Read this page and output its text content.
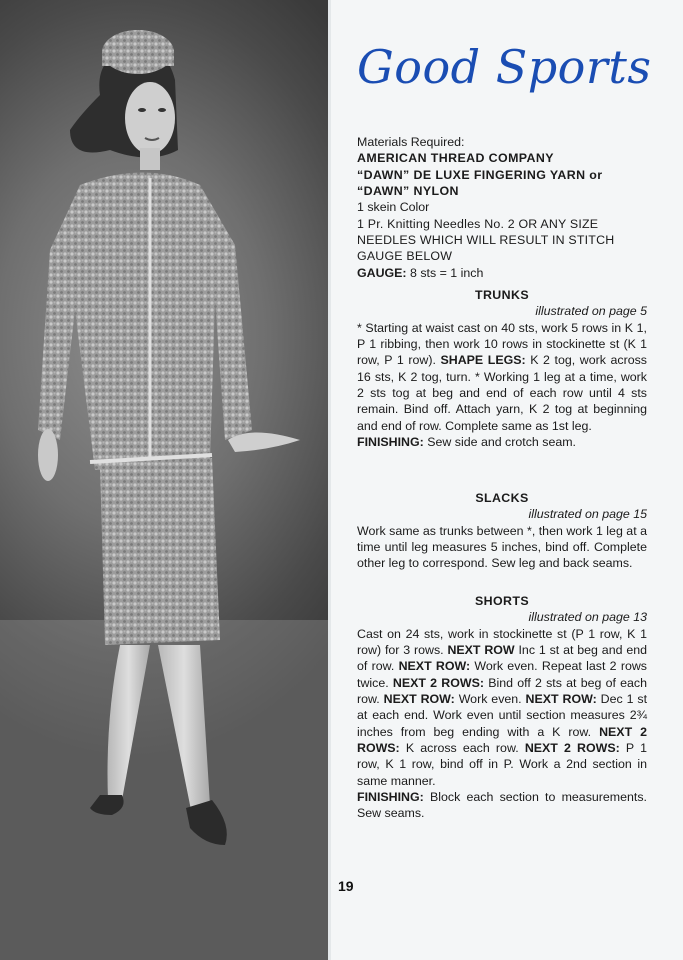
Good Sports
Materials Required:
AMERICAN THREAD COMPANY
“DAWN” DE LUXE FINGERING YARN or
“DAWN” NYLON
1 skein Color
1 Pr. Knitting Needles No. 2 OR ANY SIZE
NEEDLES WHICH WILL RESULT IN STITCH
GAUGE BELOW
GAUGE: 8 sts = 1 inch
TRUNKS
illustrated on page 5
* Starting at waist cast on 40 sts, work 5 rows in K 1, P 1 ribbing, then work 10 rows in stockinette st (K 1 row, P 1 row). SHAPE LEGS: K 2 tog, work across 16 sts, K 2 tog, turn. * Working 1 leg at a time, work 2 sts tog at beg and end of each row until 4 sts remain. Bind off. Attach yarn, K 2 tog at beginning and end of row. Complete same as 1st leg.
FINISHING: Sew side and crotch seam.
SLACKS
illustrated on page 15
Work same as trunks between *, then work 1 leg at a time until leg measures 5 inches, bind off. Complete other leg to correspond. Sew leg and back seams.
SHORTS
illustrated on page 13
Cast on 24 sts, work in stockinette st (P 1 row, K 1 row) for 3 rows. NEXT ROW Inc 1 st at beg and end of row. NEXT ROW: Work even. Repeat last 2 rows twice. NEXT 2 ROWS: Bind off 2 sts at beg of each row. NEXT ROW: Work even. NEXT ROW: Dec 1 st at each end. Work even until section measures 2¾ inches from beg ending with a K row. NEXT 2 ROWS: K across each row. NEXT 2 ROWS: P 1 row, K 1 row, bind off in P. Work a 2nd section in same manner.
FINISHING: Block each section to measurements. Sew seams.
19
